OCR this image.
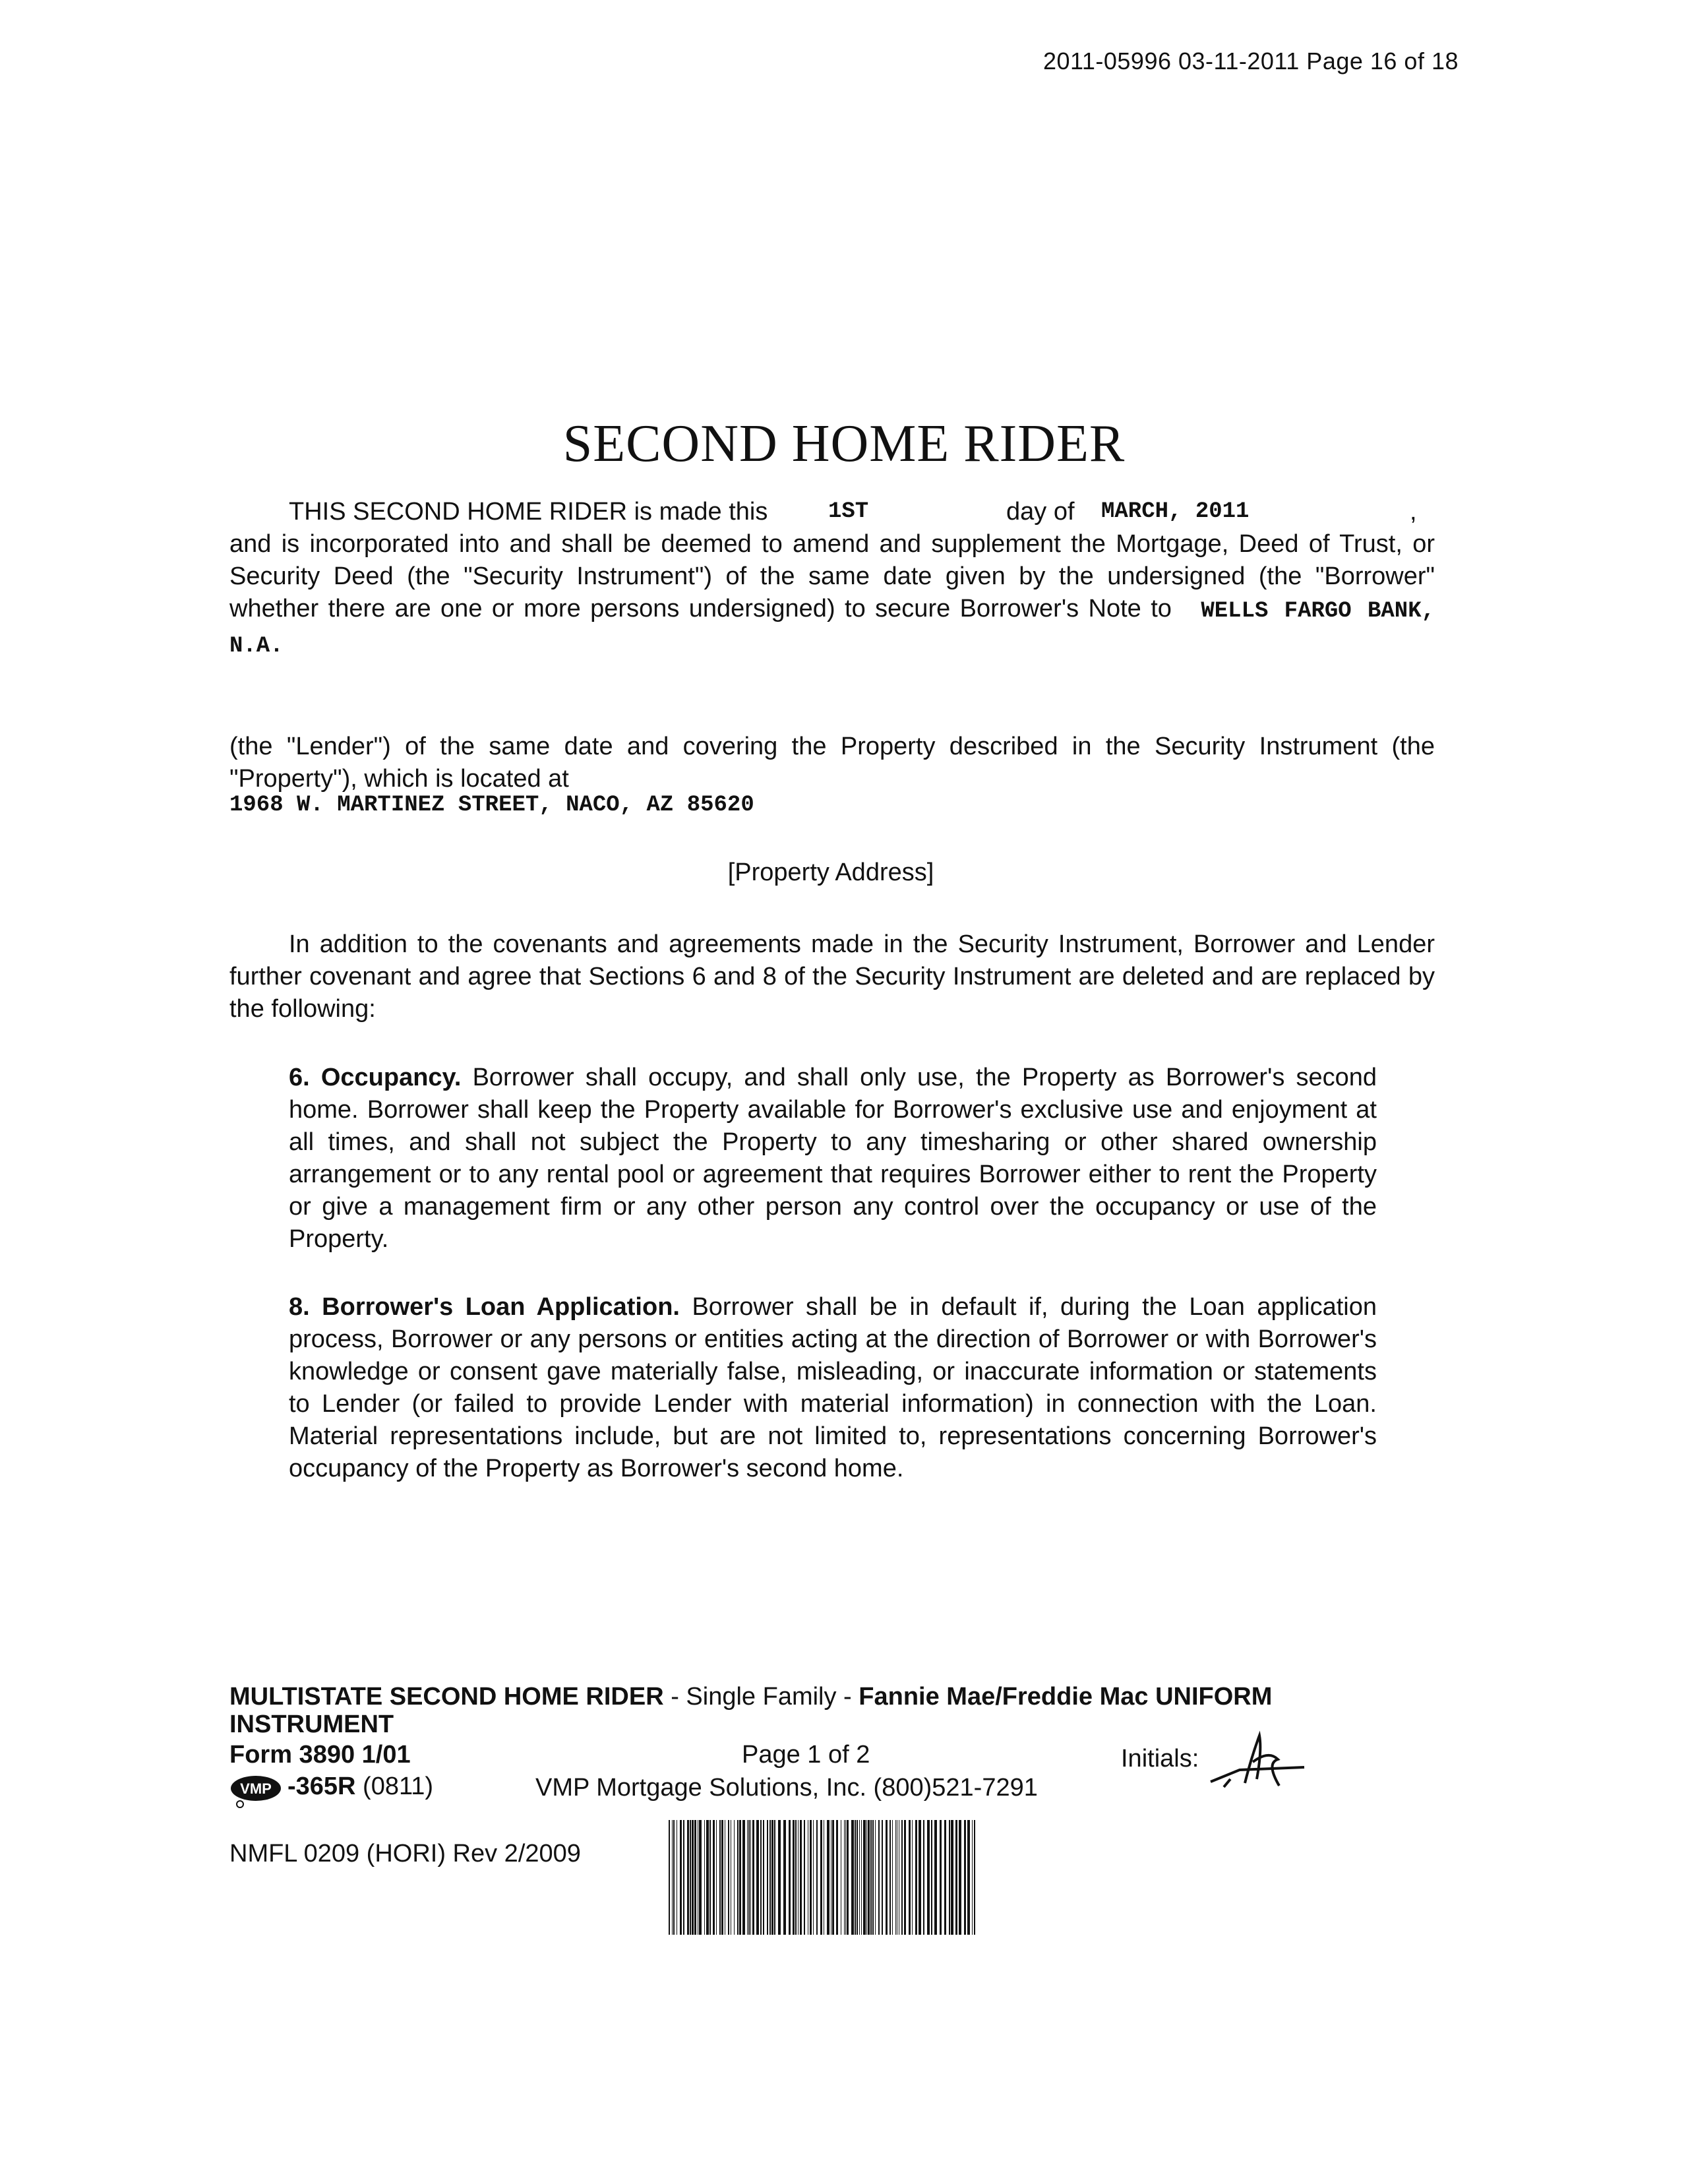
2011-05996 03-11-2011 Page 16 of 18
SECOND HOME RIDER
THIS SECOND HOME RIDER is made this	1ST	day of MARCH, 2011	,
and is incorporated into and shall be deemed to amend and supplement the Mortgage, Deed of Trust, or Security Deed (the "Security Instrument") of the same date given by the undersigned (the "Borrower" whether there are one or more persons undersigned) to secure Borrower's Note to WELLS FARGO BANK, N.A.
(the "Lender") of the same date and covering the Property described in the Security Instrument (the "Property"), which is located at
1968 W. MARTINEZ STREET, NACO, AZ 85620
[Property Address]
In addition to the covenants and agreements made in the Security Instrument, Borrower and Lender further covenant and agree that Sections 6 and 8 of the Security Instrument are deleted and are replaced by the following:
6. Occupancy. Borrower shall occupy, and shall only use, the Property as Borrower's second home. Borrower shall keep the Property available for Borrower's exclusive use and enjoyment at all times, and shall not subject the Property to any timesharing or other shared ownership arrangement or to any rental pool or agreement that requires Borrower either to rent the Property or give a management firm or any other person any control over the occupancy or use of the Property.
8. Borrower's Loan Application. Borrower shall be in default if, during the Loan application process, Borrower or any persons or entities acting at the direction of Borrower or with Borrower's knowledge or consent gave materially false, misleading, or inaccurate information or statements to Lender (or failed to provide Lender with material information) in connection with the Loan. Material representations include, but are not limited to, representations concerning Borrower's occupancy of the Property as Borrower's second home.
MULTISTATE SECOND HOME RIDER - Single Family - Fannie Mae/Freddie Mac UNIFORM INSTRUMENT
Form 3890 1/01	Page 1 of 2	Initials:
VMP -365R (0811)	VMP Mortgage Solutions, Inc. (800)521-7291
NMFL 0209 (HORI) Rev 2/2009
